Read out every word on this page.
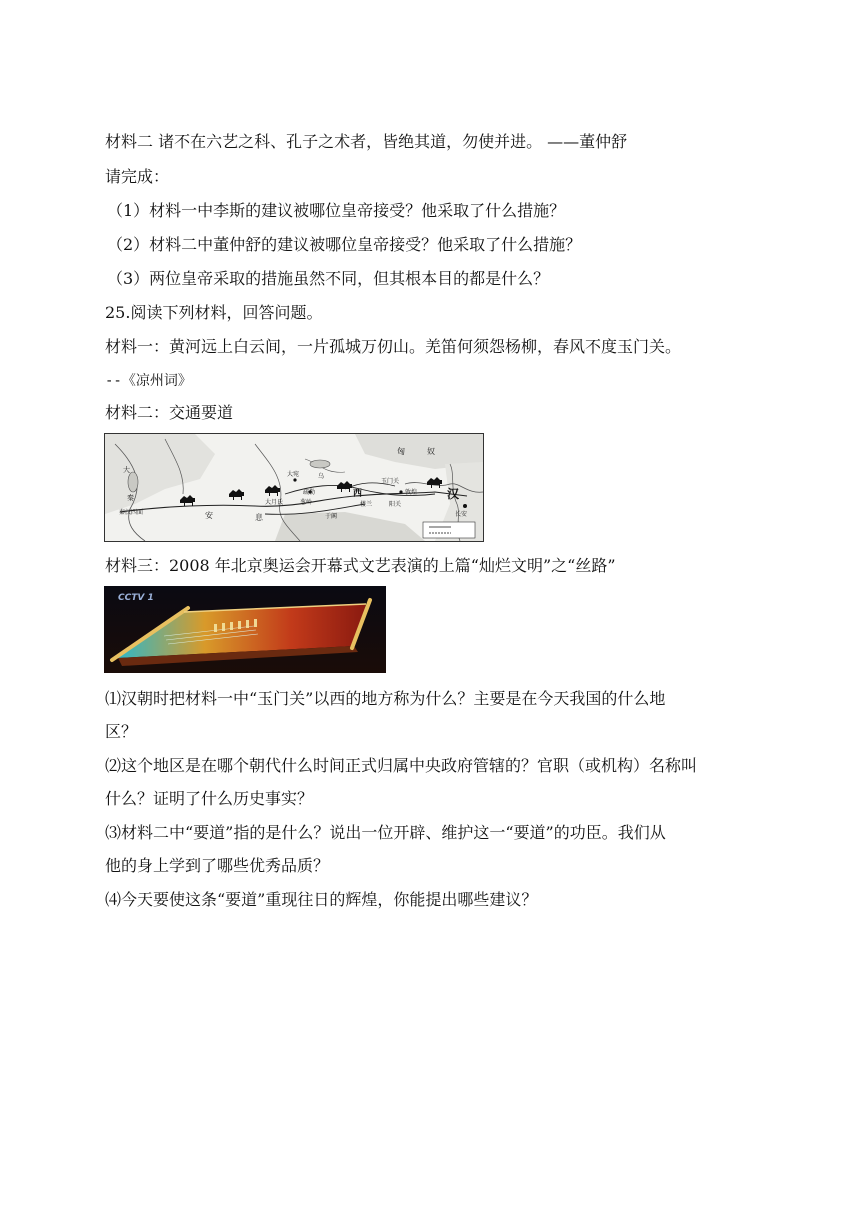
材料二 诸不在六艺之科、孔子之术者，皆绝其道，勿使并进。 ——董仲舒
请完成：
（1）材料一中李斯的建议被哪位皇帝接受？他采取了什么措施？
（2）材料二中董仲舒的建议被哪位皇帝接受？他采取了什么措施？
（3）两位皇帝采取的措施虽然不同，但其根本目的都是什么？
25.阅读下列材料，回答问题。
材料一：黄河远上白云间，一片孤城万仞山。羌笛何须怨杨柳，春风不度玉门关。
--《凉州词》
材料二：交通要道
匈	奴
汉
长安
西
大
秦
安	息
玉门关
敦煌
大宛	乌
疏勒
大月氏
于阗
葱岭	楼兰	阳关
秦汉四面
材料三：2008 年北京奥运会开幕式文艺表演的上篇“灿烂文明”之“丝路”
CCTV 1
⑴汉朝时把材料一中“玉门关”以西的地方称为什么？主要是在今天我国的什么地
区？
⑵这个地区是在哪个朝代什么时间正式归属中央政府管辖的？官职（或机构）名称叫
什么？证明了什么历史事实？
⑶材料二中“要道”指的是什么？说出一位开辟、维护这一“要道”的功臣。我们从
他的身上学到了哪些优秀品质？
⑷今天要使这条“要道”重现往日的辉煌，你能提出哪些建议？
